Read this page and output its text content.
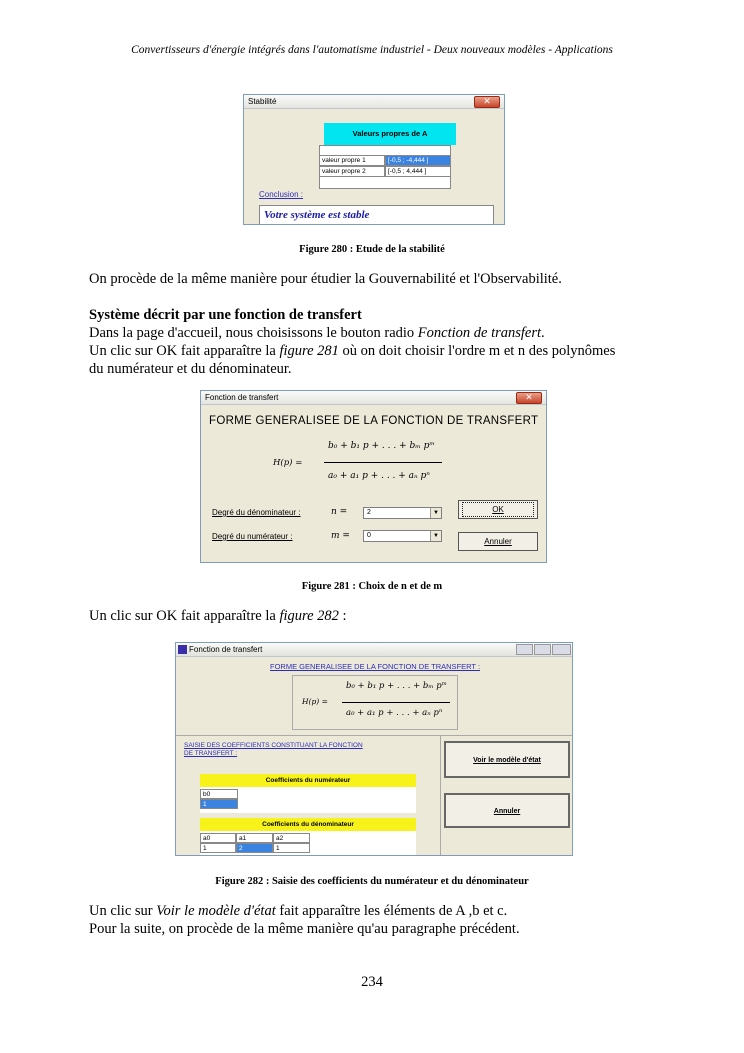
Convertisseurs d'énergie intégrés dans l'automatisme industriel - Deux nouveaux modèles - Applications
Stabilité	✕
Valeurs propres de A
valeur propre 1	[-0,5 ; -4,444 ]
valeur propre 2	[-0,5 ; 4,444 ]
Conclusion :
Votre système est stable
Figure 280 : Etude de la stabilité
On procède de la même manière pour étudier la Gouvernabilité et l'Observabilité.
Système décrit par une fonction de transfert
Dans la page d'accueil, nous choisissons le bouton radio Fonction de transfert.
Un clic sur OK fait apparaître la figure 281 où on doit choisir l'ordre m et n des polynômes
du numérateur et du dénominateur.
Fonction de transfert	✕
FORME GENERALISEE DE LA FONCTION DE TRANSFERT
H(p) =
b₀ + b₁ p + . . . + bₘ pᵐ
a₀ + a₁ p + . . . + aₙ pⁿ
Degré du dénominateur :	n =	2	▼
Degré du numérateur :	m =	0	▼
OK
Annuler
Figure 281 : Choix de n et de m
Un clic sur OK fait apparaître la figure 282 :
Fonction de transfert
FORME GENERALISEE DE LA FONCTION DE TRANSFERT :
H(p) =
b₀ + b₁ p + . . . + bₘ pᵐ
a₀ + a₁ p + . . . + aₙ pⁿ
SAISIE DES COEFFICIENTS CONSTITUANT LA FONCTION
DE TRANSFERT :
Voir le modèle d'état
Annuler
Coefficients du numérateur
b0
1
Coefficients du dénominateur
a0	a1	a2
1	2	1
Figure 282 : Saisie des coefficients du numérateur et du dénominateur
Un clic sur Voir le modèle d'état fait apparaître les éléments de A ,b et c.
Pour la suite, on procède de la même manière qu'au paragraphe précédent.
234
